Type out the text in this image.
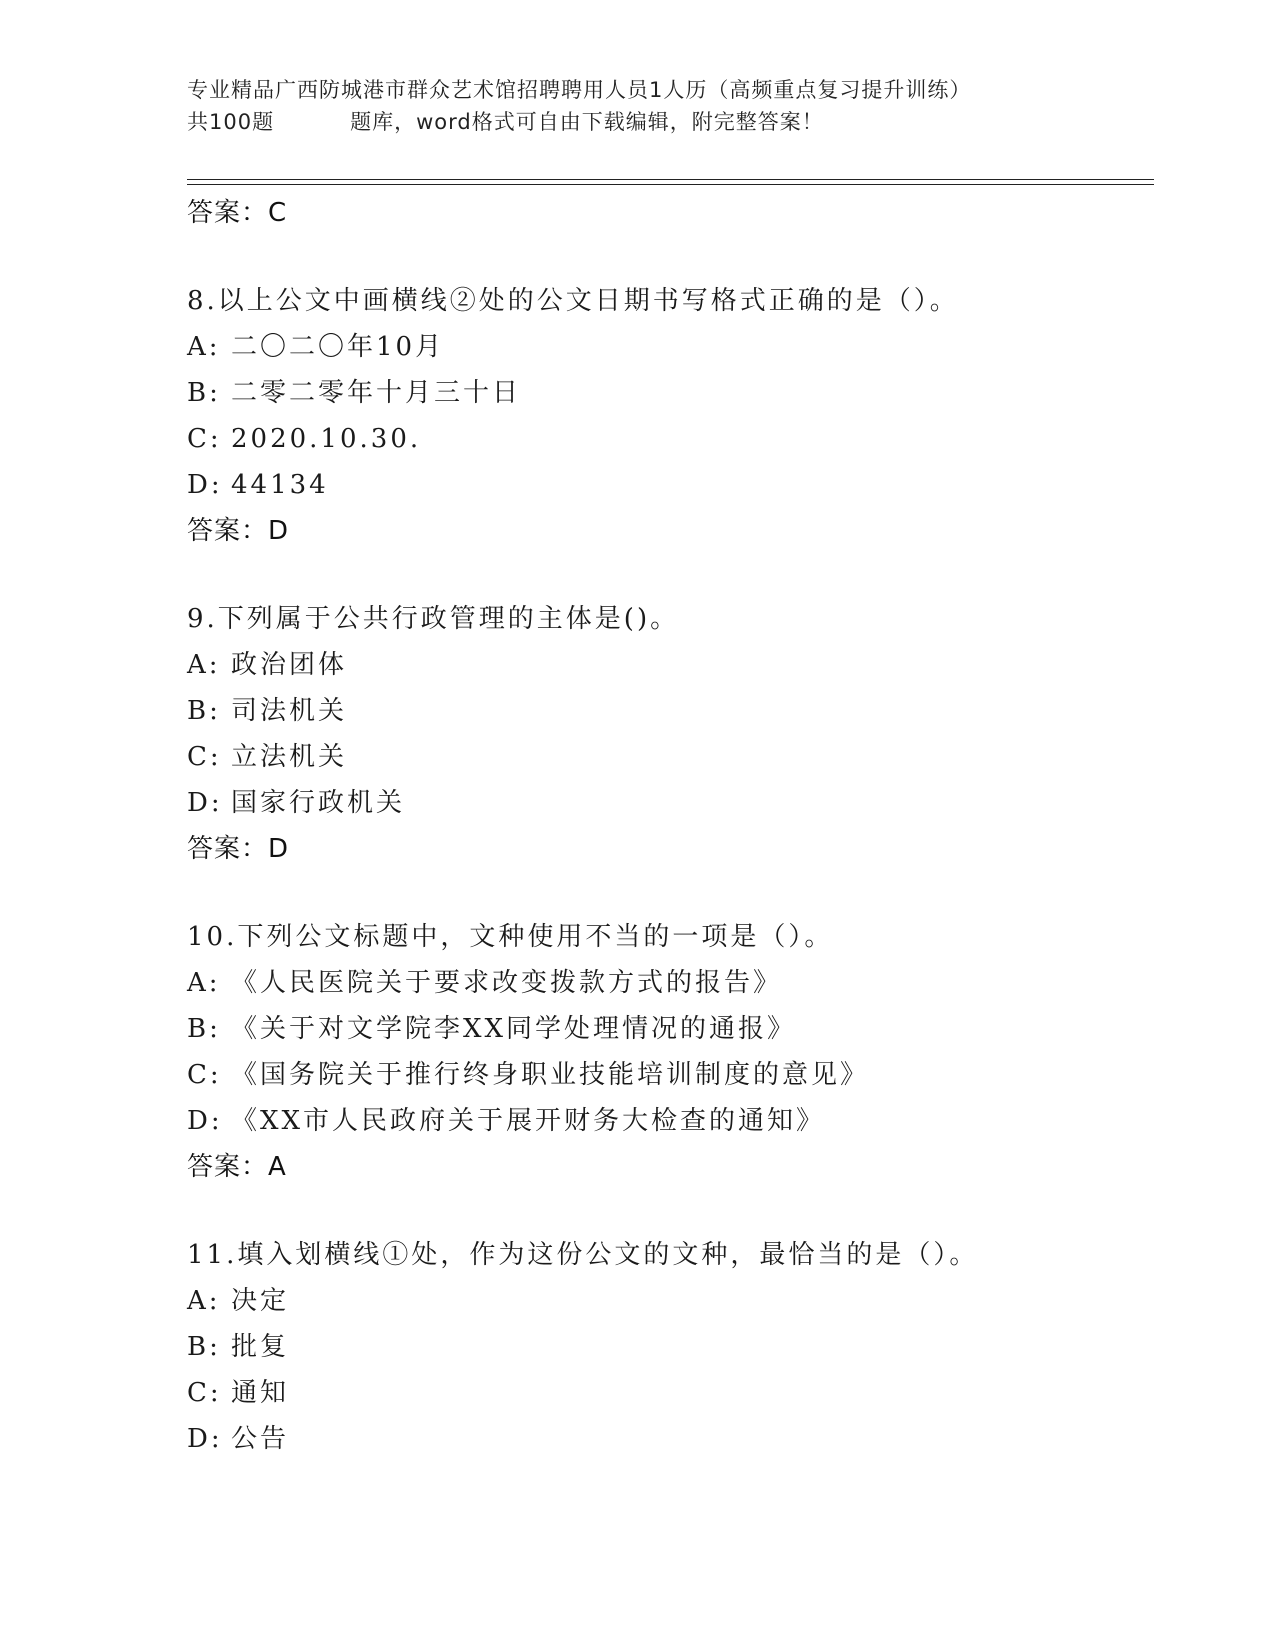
专业精品广西防城港市群众艺术馆招聘聘用人员1人历（高频重点复习提升训练）
共100题	题库，word格式可自由下载编辑，附完整答案！
答案：C
8.以上公文中画横线②处的公文日期书写格式正确的是（）。
A: 二〇二〇年10月
B: 二零二零年十月三十日
C: 2020.10.30.
D: 44134
答案：D
9.下列属于公共行政管理的主体是()。
A: 政治团体
B: 司法机关
C: 立法机关
D: 国家行政机关
答案：D
10.下列公文标题中，文种使用不当的一项是（）。
A: 《人民医院关于要求改变拨款方式的报告》
B: 《关于对文学院李XX同学处理情况的通报》
C: 《国务院关于推行终身职业技能培训制度的意见》
D: 《XX市人民政府关于展开财务大检查的通知》
答案：A
11.填入划横线①处，作为这份公文的文种，最恰当的是（）。
A: 决定
B: 批复
C: 通知
D: 公告
